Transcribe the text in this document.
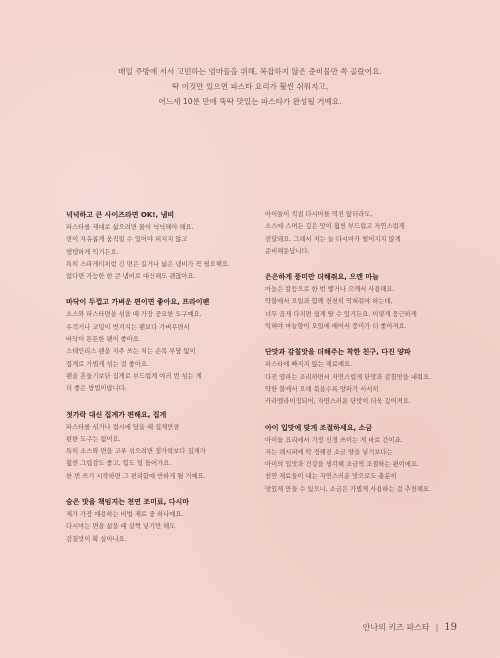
매일 주방에 서서 고민하는 엄마들을 위해, 복잡하지 않은 준비물만 쏙 골랐어요.
딱 이것만 있으면 파스타 요리가 훨씬 쉬워지고,
어느새 10분 만에 뚝딱 맛있는 파스타가 완성될 거예요.
넉넉하고 큰 사이즈라면 OK!, 냄비
파스타를 제대로 삶으려면 물이 넉넉해야 해요.
면이 자유롭게 움직일 수 있어야 퍼지지 않고
탱탱하게 익거든요.
특히 스파게티처럼 긴 면은 길거나 넓은 냄비가 꼭 필요해요.
없다면 가능한 한 큰 냄비로 대신해도 괜찮아요.
바닥이 두껍고 가벼운 편이면 좋아요, 프라이팬
소스와 파스타면을 섞을 때 가장 중요한 도구예요.
우걱거나 코팅이 벗겨지는 팬보다 가벼우면서
바닥이 튼튼한 팬이 좋아요.
스테인리스 팬을 자주 쓰는 저는 손목 부담 없이
집게로 가볍게 섞는 걸 좋아요.
팬을 흔들기보단 집게로 부드럽게 여러 번 섞는 게
더 좋은 방법이랍니다.
젓가락 대신 집게가 편해요, 집게
파스타를 섞거나 접시에 담을 때 집게만큼
편한 도구는 없어요.
특히 소스와 면을 고루 섞으려면 젓가락보다 집게가
훨씬 그립감도 좋고, 힘도 덜 들어가요.
한 번 쓰기 시작하면 그 편리함에 반하게 될 거예요.
숨은 맛을 책임지는 천연 조미료, 다시마
제가 가장 애용하는 비법 재료 중 하나예요.
다시마는 면을 삶을 때 살짝 넣기만 해도
감칠맛이 확 살아나요.
아이들이 직접 다시마를 먹진 않더라도,
소스에 스며든 깊은 맛이 훨씬 부드럽고 자연스럽게
전달돼요. 그래서 저는 늘 다시마가 떨어지지 않게
준비해둔답니다.
은은하게 풍미만 더해줘요, 으깬 마늘
마늘은 칼등으로 한 번 빻거나 으깨서 사용해요.
약불에서 오일과 함께 천천히 익혀줘야 하는데,
너무 곱게 다지면 쉽게 탈 수 있거든요. 이렇게 뭉근하게
익혀야 마늘향이 오일에 배어서 풍미가 더 좋아져요.
단맛과 감칠맛을 더해주는 착한 친구, 다진 양파
파스타에 빠지지 않는 재료예요.
다진 양파는 조리하면서 자연스럽게 단맛과 감칠맛을 내줘요.
약한 불에서 오래 볶을수록 양파가 서서히
카라멜라이징되어, 자연스러운 단맛이 더욱 깊어져요.
아이 입맛에 맞게 조절하세요, 소금
아이들 요리에서 가장 신경 쓰이는 게 바로 간이죠.
저는 레시피에 딱 정해진 소금 양을 넣기보다는
아이의 입맛과 건강을 생각해 조금씩 조절하는 편이에요.
천연 재료들이 내는 자연스러운 맛으로도 충분히
맛있게 만들 수 있으니, 소금은 가볍게 사용하는 걸 추천해요.
안나의 키즈 파스타 | 19
